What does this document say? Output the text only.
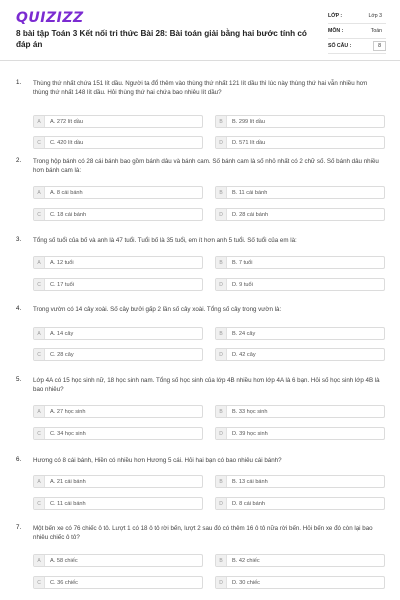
QUIZIZZ
8 bài tập Toán 3 Kết nối tri thức Bài 28: Bài toán giải bằng hai bước tính có đáp án
LỚP :	Lớp 3
MÔN :	Toán
SỐ CÂU :	8
1. Thùng thứ nhất chứa 151 lít dầu. Người ta đổ thêm vào thùng thứ nhất 121 lít dầu thì lúc này thùng thứ hai vẫn nhiều hơn thùng thứ nhất 148 lít dầu. Hỏi thùng thứ hai chứa bao nhiêu lít dầu?
A	A. 272 lít dầu	B	B. 299 lít dầu
C	C. 420 lít dầu	D	D. 571 lít dầu
2. Trong hộp bánh có 28 cái bánh bao gồm bánh dâu và bánh cam. Số bánh cam là số nhỏ nhất có 2 chữ số. Số bánh dâu nhiều hơn bánh cam là:
A	A. 8 cái bánh	B	B. 11 cái bánh
C	C. 18 cái bánh	D	D. 28 cái bánh
3. Tổng số tuổi của bố và anh là 47 tuổi. Tuổi bố là 35 tuổi, em ít hơn anh 5 tuổi. Số tuổi của em là:
A	A. 12 tuổi	B	B. 7 tuổi
C	C. 17 tuổi	D	D. 9 tuổi
4. Trong vườn có 14 cây xoài. Số cây bưởi gấp 2 lần số cây xoài. Tổng số cây trong vườn là:
A	A. 14 cây	B	B. 24 cây
C	C. 28 cây	D	D. 42 cây
5. Lớp 4A có 15 học sinh nữ, 18 học sinh nam. Tổng số học sinh của lớp 4B nhiều hơn lớp 4A là 6 bạn. Hỏi số học sinh lớp 4B là bao nhiêu?
A	A. 27 học sinh	B	B. 33 học sinh
C	C. 34 học sinh	D	D. 39 học sinh
6. Hương có 8 cái bánh, Hiền có nhiều hơn Hương 5 cái. Hỏi hai bạn có bao nhiêu cái bánh?
A	A. 21 cái bánh	B	B. 13 cái bánh
C	C. 11 cái bánh	D	D. 8 cái bánh
7. Một bến xe có 76 chiếc ô tô. Lượt 1 có 18 ô tô rời bến, lượt 2 sau đó có thêm 16 ô tô nữa rời bến. Hỏi bến xe đó còn lại bao nhiêu chiếc ô tô?
A	A. 58 chiếc	B	B. 42 chiếc
C	C. 36 chiếc	D	D. 30 chiếc
